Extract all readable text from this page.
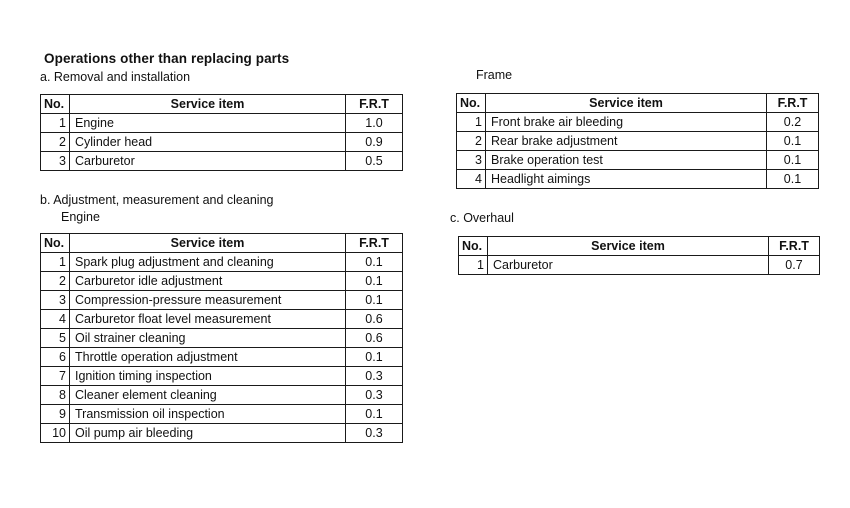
Operations other than replacing parts
a. Removal and installation
No.	Service item	F.R.T
1	Engine	1.0
2	Cylinder head	0.9
3	Carburetor	0.5
Frame
No.	Service item	F.R.T
1	Front brake air bleeding	0.2
2	Rear brake adjustment	0.1
3	Brake operation test	0.1
4	Headlight aimings	0.1
b. Adjustment, measurement and cleaning
Engine
No.	Service item	F.R.T
1	Spark plug adjustment and cleaning	0.1
2	Carburetor idle adjustment	0.1
3	Compression-pressure measurement	0.1
4	Carburetor float level measurement	0.6
5	Oil strainer cleaning	0.6
6	Throttle operation adjustment	0.1
7	Ignition timing inspection	0.3
8	Cleaner element cleaning	0.3
9	Transmission oil inspection	0.1
10	Oil pump air bleeding	0.3
c. Overhaul
No.	Service item	F.R.T
1	Carburetor	0.7
